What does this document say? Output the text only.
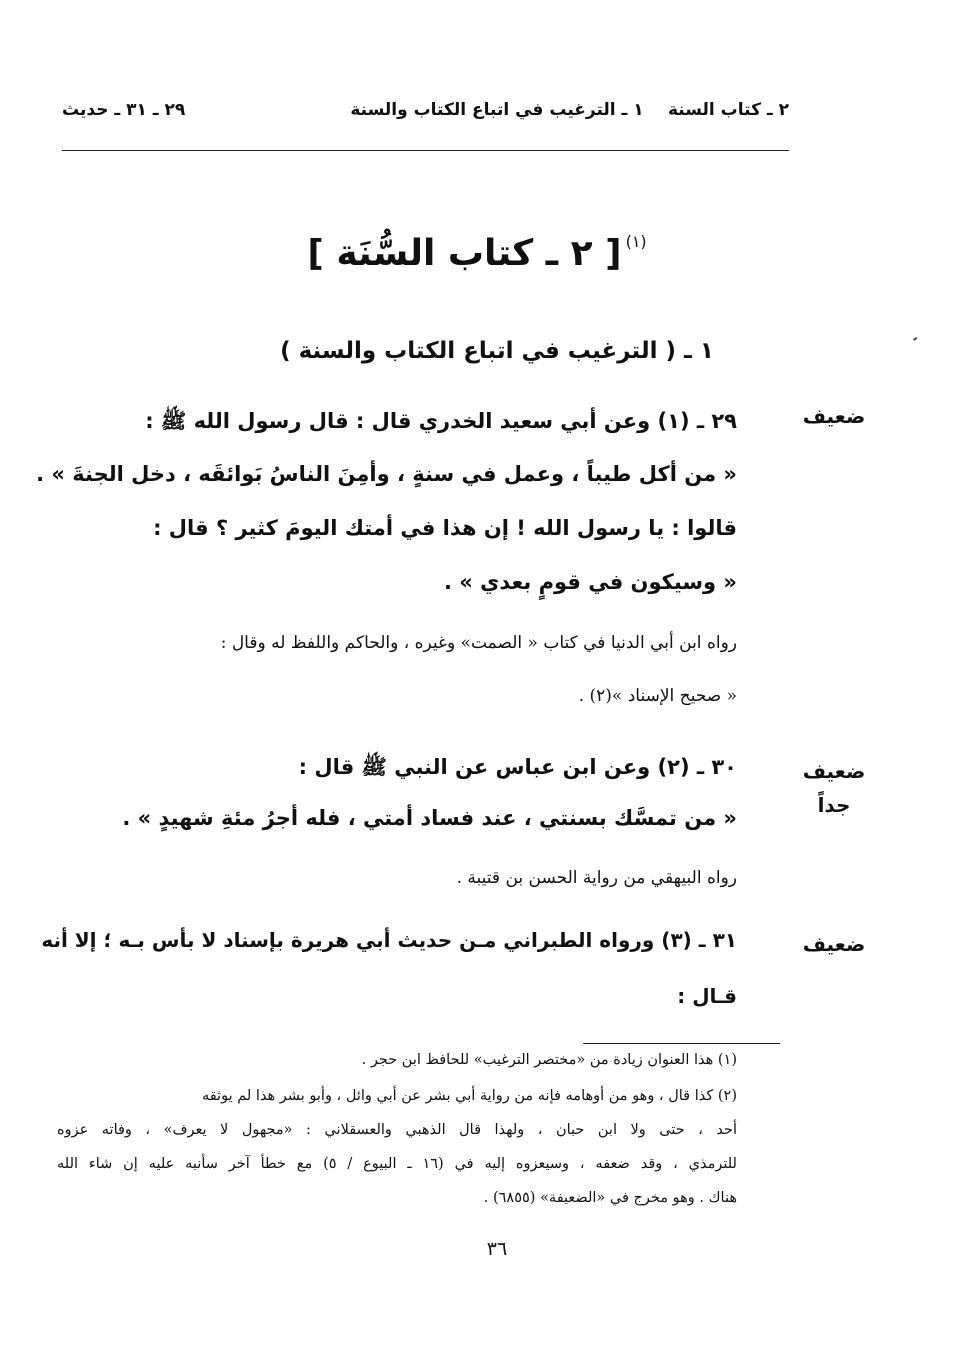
٢ ـ كتاب السنة
١ ـ الترغيب في اتباع الكتاب والسنة
٢٩ ـ ٣١ ـ حديث
[ ٢ ـ كتاب السُّنَة ] $^{(١)}$
١ ـ ( الترغيب في اتباع الكتاب والسنة )
ضعيف
ضعيف
جداً
ضعيف
٢٩ ـ (١) وعن أبي سعيد الخدري قال : قال رسول الله ﷺ :
« من أكل طيباً ، وعمل في سنةٍ ، وأمِنَ الناسُ بَوائقَه ، دخل الجنةَ » .
قالوا : يا رسول الله ! إن هذا في أمتك اليومَ كثير ؟ قال :
« وسيكون في قومٍ بعدي » .
رواه ابن أبي الدنيا في كتاب « الصمت» وغيره ، والحاكم واللفظ له وقال :
« صحيح الإسناد »(٢) .
٣٠ ـ (٢) وعن ابن عباس عن النبي ﷺ قال :
« من تمسَّك بسنتي ، عند فساد أمتي ، فله أجرُ مئةِ شهيدٍ » .
رواه البيهقي من رواية الحسن بن قتيبة .
٣١ ـ (٣) ورواه الطبراني مـن حديث أبي هريرة بإسناد لا بأس بـه ؛ إلا أنه
قـال :
(١) هذا العنوان زيادة من «مختصر الترغيب» للحافظ ابن حجر .
(٢) كذا قال ، وهو من أوهامه فإنه من رواية أبي بشر عن أبي وائل ، وأبو بشر هذا لم يوثقه
أحد ، حتى ولا ابن حبان ، ولهذا قال الذهبي والعسقلاني : «مجهول لا يعرف» ، وفاته عزوه
للترمذي ، وقد ضعفه ، وسيعزوه إليه في (١٦ ـ البيوع / ٥) مع خطأ آخر سأنبه عليه إن شاء الله
هناك . وهو مخرج في «الضعيفة» (٦٨٥٥) .
٣٦
